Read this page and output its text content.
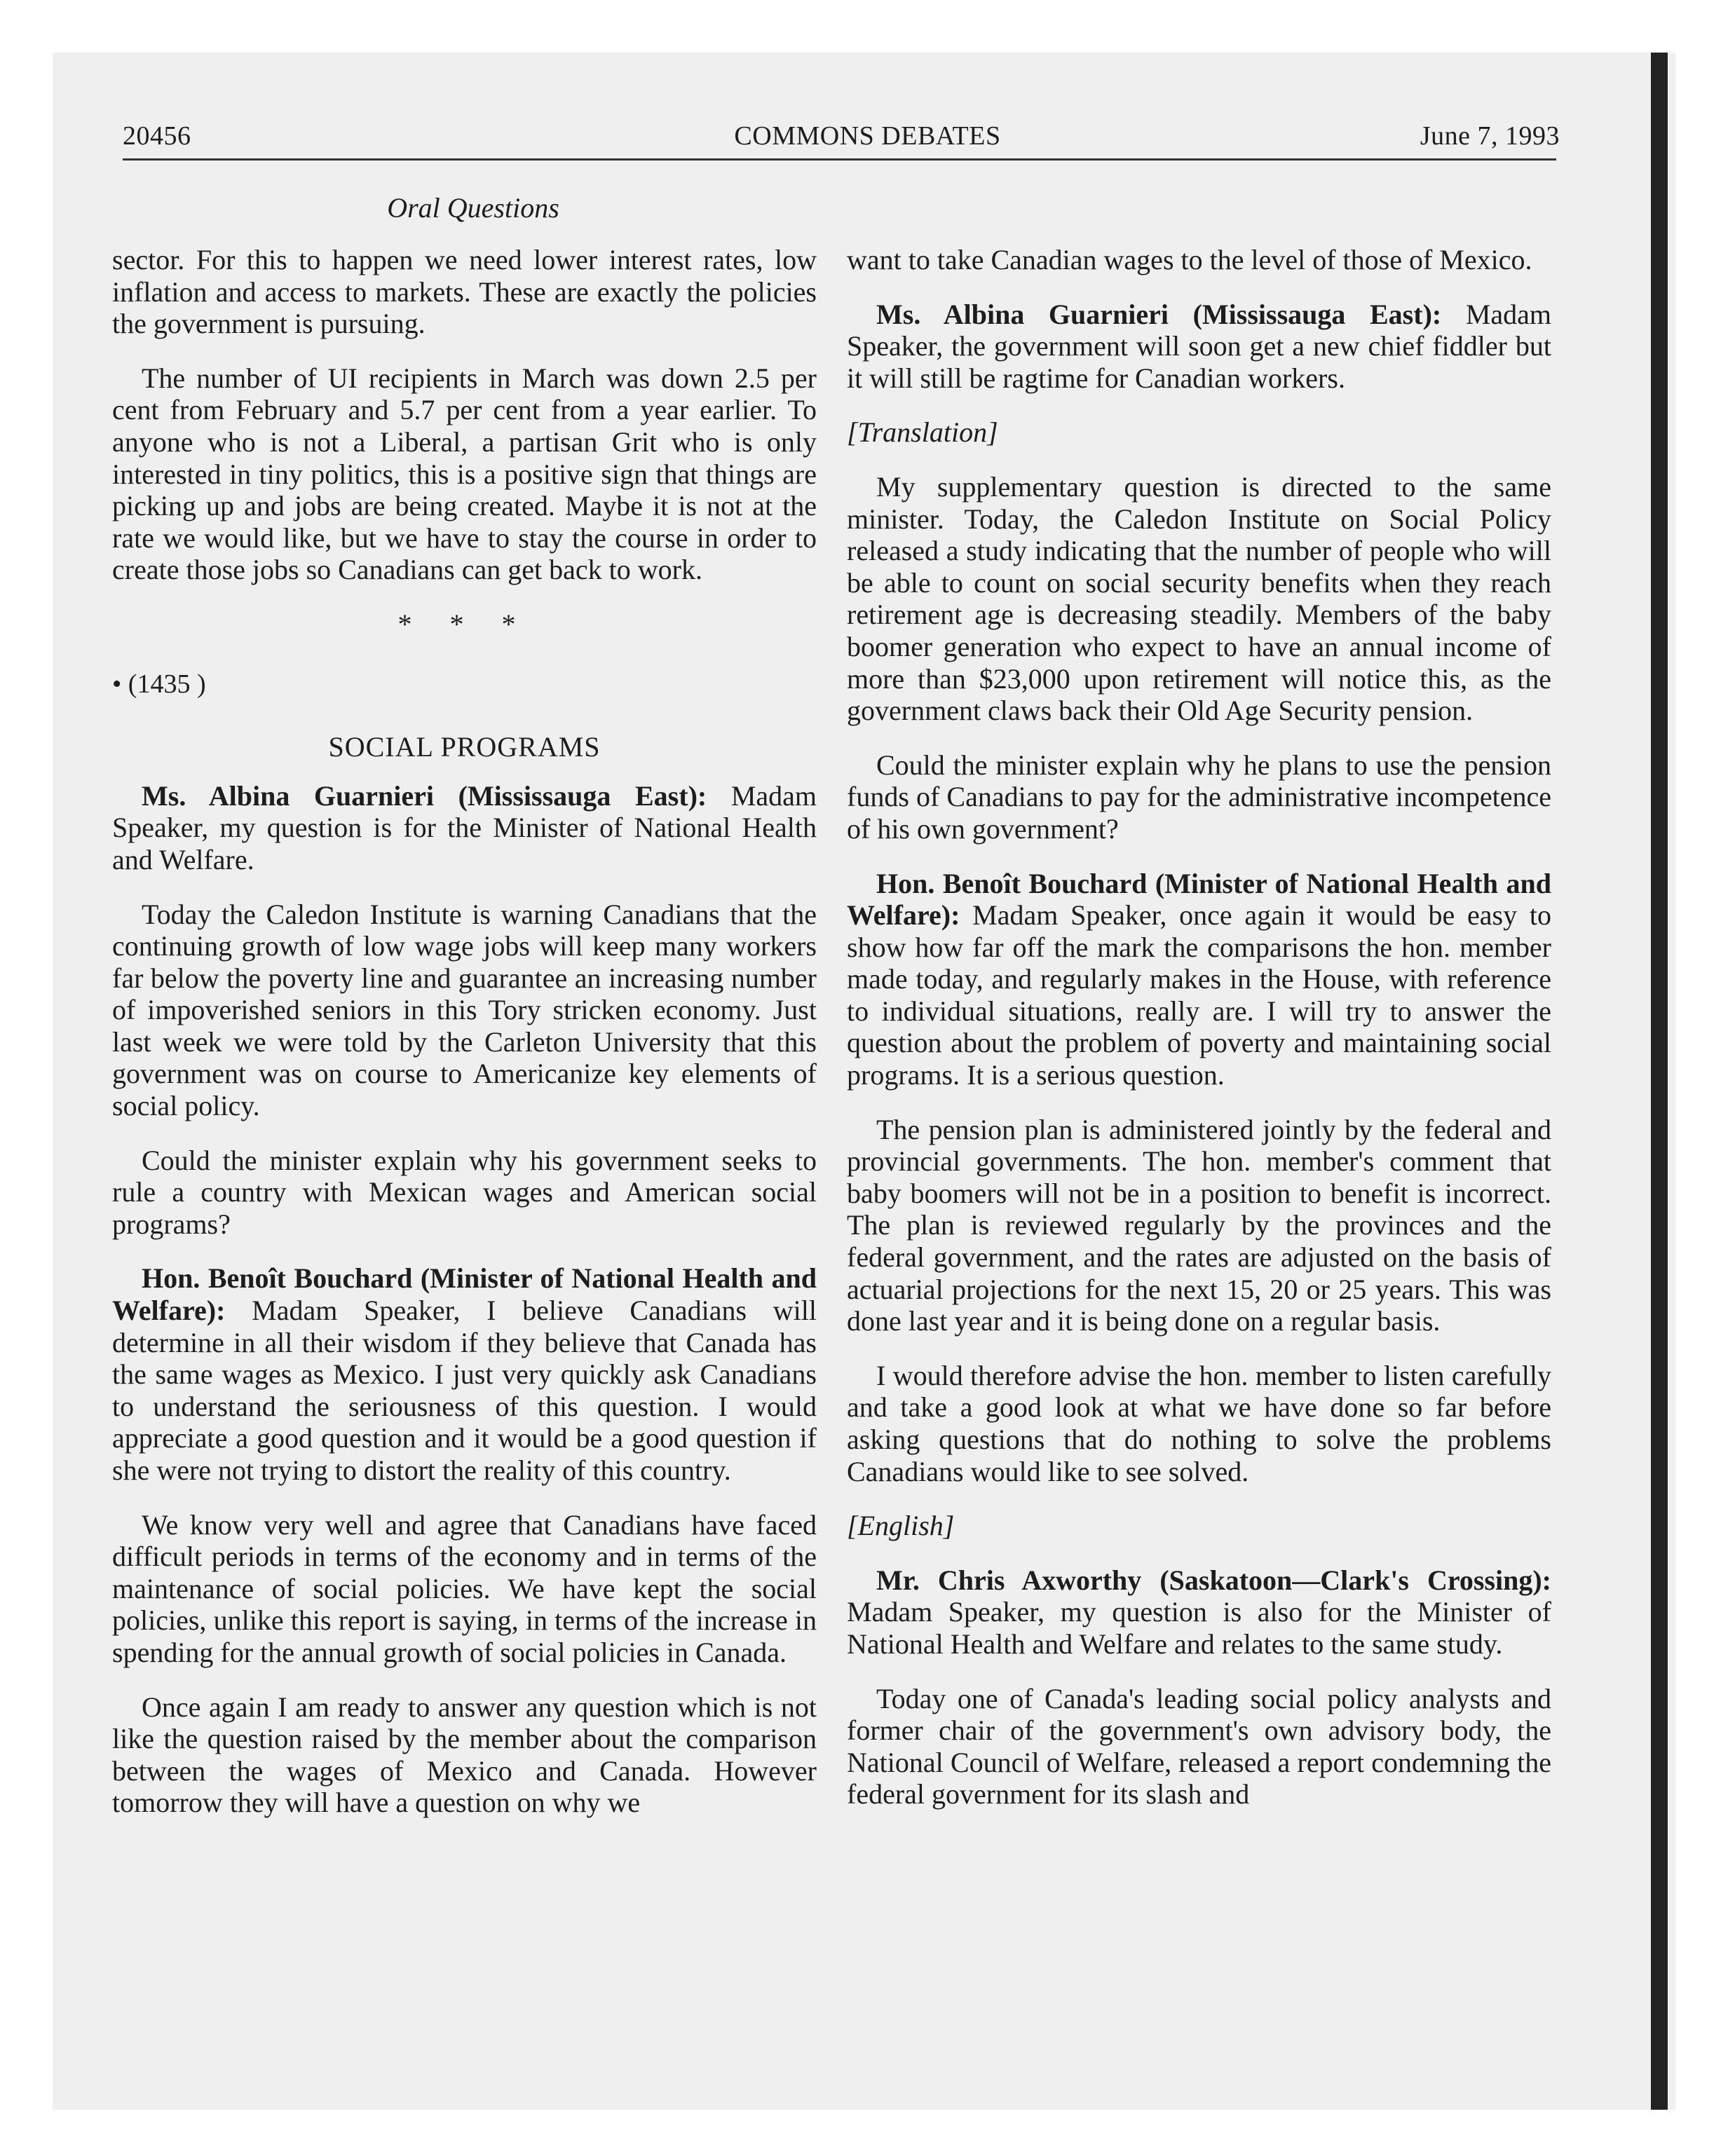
20456	COMMONS DEBATES	June 7, 1993
Oral Questions

sector. For this to happen we need lower interest rates, low inflation and access to markets. These are exactly the policies the government is pursuing.

The number of UI recipients in March was down 2.5 per cent from February and 5.7 per cent from a year earlier. To anyone who is not a Liberal, a partisan Grit who is only interested in tiny politics, this is a positive sign that things are picking up and jobs are being created. Maybe it is not at the rate we would like, but we have to stay the course in order to create those jobs so Canadians can get back to work.

* * *
• (1435 )
SOCIAL PROGRAMS

Ms. Albina Guarnieri (Mississauga East): Madam Speaker, my question is for the Minister of National Health and Welfare.

Today the Caledon Institute is warning Canadians that the continuing growth of low wage jobs will keep many workers far below the poverty line and guarantee an increasing number of impoverished seniors in this Tory stricken economy. Just last week we were told by the Carleton University that this government was on course to Americanize key elements of social policy.

Could the minister explain why his government seeks to rule a country with Mexican wages and American social programs?

Hon. Benoît Bouchard (Minister of National Health and Welfare): Madam Speaker, I believe Canadians will determine in all their wisdom if they believe that Canada has the same wages as Mexico. I just very quickly ask Canadians to understand the seriousness of this question. I would appreciate a good question and it would be a good question if she were not trying to distort the reality of this country.

We know very well and agree that Canadians have faced difficult periods in terms of the economy and in terms of the maintenance of social policies. We have kept the social policies, unlike this report is saying, in terms of the increase in spending for the annual growth of social policies in Canada.

Once again I am ready to answer any question which is not like the question raised by the member about the comparison between the wages of Mexico and Canada. However tomorrow they will have a question on why we

want to take Canadian wages to the level of those of Mexico.

Ms. Albina Guarnieri (Mississauga East): Madam Speaker, the government will soon get a new chief fiddler but it will still be ragtime for Canadian workers.

[Translation]

My supplementary question is directed to the same minister. Today, the Caledon Institute on Social Policy released a study indicating that the number of people who will be able to count on social security benefits when they reach retirement age is decreasing steadily. Members of the baby boomer generation who expect to have an annual income of more than $23,000 upon retirement will notice this, as the government claws back their Old Age Security pension.

Could the minister explain why he plans to use the pension funds of Canadians to pay for the administrative incompetence of his own government?

Hon. Benoît Bouchard (Minister of National Health and Welfare): Madam Speaker, once again it would be easy to show how far off the mark the comparisons the hon. member made today, and regularly makes in the House, with reference to individual situations, really are. I will try to answer the question about the problem of poverty and maintaining social programs. It is a serious question.

The pension plan is administered jointly by the federal and provincial governments. The hon. member's comment that baby boomers will not be in a position to benefit is incorrect. The plan is reviewed regularly by the provinces and the federal government, and the rates are adjusted on the basis of actuarial projections for the next 15, 20 or 25 years. This was done last year and it is being done on a regular basis.

I would therefore advise the hon. member to listen carefully and take a good look at what we have done so far before asking questions that do nothing to solve the problems Canadians would like to see solved.

[English]

Mr. Chris Axworthy (Saskatoon—Clark's Crossing): Madam Speaker, my question is also for the Minister of National Health and Welfare and relates to the same study.

Today one of Canada's leading social policy analysts and former chair of the government's own advisory body, the National Council of Welfare, released a report condemning the federal government for its slash and
